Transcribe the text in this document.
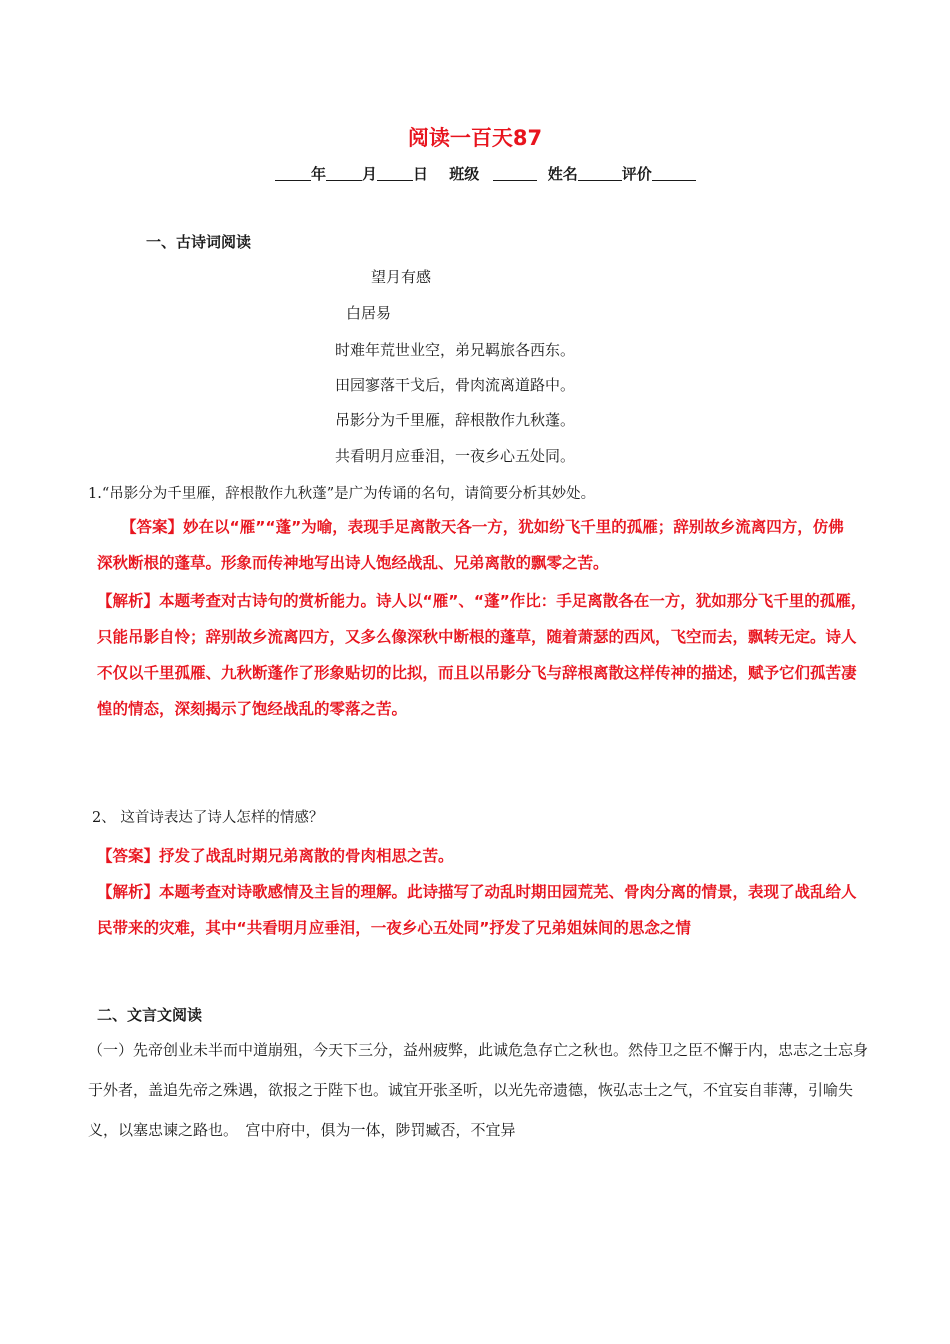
阅读一百天87
年 月 日 班级	姓名	评价
一、古诗词阅读
望月有感
白居易
时难年荒世业空，弟兄羁旅各西东。
田园寥落干戈后，骨肉流离道路中。
吊影分为千里雁，辞根散作九秋蓬。
共看明月应垂泪，一夜乡心五处同。
1.“吊影分为千里雁，辞根散作九秋蓬”是广为传诵的名句，请简要分析其妙处。
【答案】妙在以“雁”“蓬”为喻，表现手足离散天各一方，犹如纷飞千里的孤雁；辞别故乡流离四方，仿佛深秋断根的蓬草。形象而传神地写出诗人饱经战乱、兄弟离散的飘零之苦。
【解析】本题考查对古诗句的赏析能力。诗人以“雁”、“蓬”作比：手足离散各在一方，犹如那分飞千里的孤雁，只能吊影自怜；辞别故乡流离四方，又多么像深秋中断根的蓬草，随着萧瑟的西风，飞空而去，飘转无定。诗人不仅以千里孤雁、九秋断蓬作了形象贴切的比拟，而且以吊影分飞与辞根离散这样传神的描述，赋予它们孤苦凄惶的情态，深刻揭示了饱经战乱的零落之苦。
2、 这首诗表达了诗人怎样的情感？
【答案】抒发了战乱时期兄弟离散的骨肉相思之苦。
【解析】本题考查对诗歌感情及主旨的理解。此诗描写了动乱时期田园荒芜、骨肉分离的情景，表现了战乱给人民带来的灾难，其中“共看明月应垂泪，一夜乡心五处同”抒发了兄弟姐妹间的思念之情
二、文言文阅读
（一）先帝创业未半而中道崩殂，今天下三分，益州疲弊，此诚危急存亡之秋也。然侍卫之臣不懈于内，忠志之士忘身于外者，盖追先帝之殊遇，欲报之于陛下也。诚宜开张圣听，以光先帝遗德，恢弘志士之气，不宜妄自菲薄，引喻失义，以塞忠谏之路也。　宫中府中，俱为一体，陟罚臧否，不宜异
